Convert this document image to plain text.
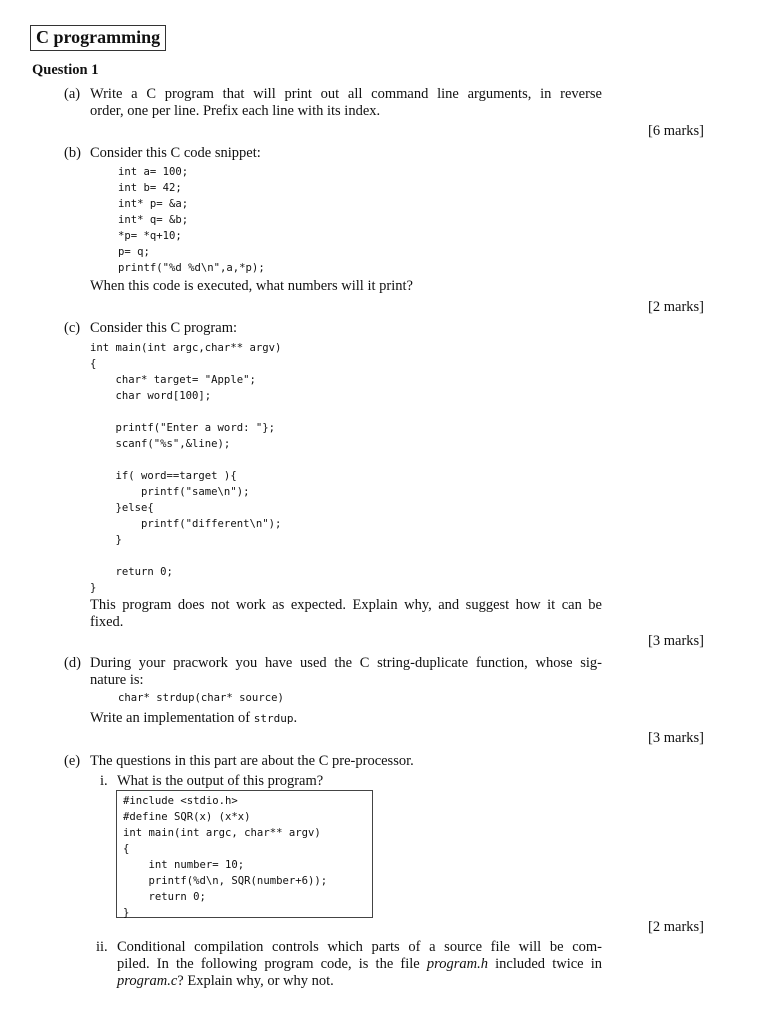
C programming
Question 1
(a) Write a C program that will print out all command line arguments, in reverse
order, one per line. Prefix each line with its index.
[6 marks]
(b) Consider this C code snippet:
int a= 100;
int b= 42;
int* p= &a;
int* q= &b;
*p= *q+10;
p= q;
printf("%d %d\n",a,*p);
When this code is executed, what numbers will it print?
[2 marks]
(c) Consider this C program:
int main(int argc,char** argv)
{
char* target= "Apple";
char word[100];

printf("Enter a word: "};
scanf("%s",&line);

if( word==target ){
printf("same\n");
}else{
printf("different\n");
}

return 0;
}
This program does not work as expected. Explain why, and suggest how it can be
fixed.
[3 marks]
(d) During your pracwork you have used the C string-duplicate function, whose sig-
nature is:
char* strdup(char* source)
Write an implementation of strdup.
[3 marks]
(e) The questions in this part are about the C pre-processor.
i. What is the output of this program?
#include <stdio.h>
#define SQR(x) (x*x)
int main(int argc, char** argv)
{
int number= 10;
printf(%d\n, SQR(number+6));
return 0;
}
[2 marks]
ii. Conditional compilation controls which parts of a source file will be com-
piled. In the following program code, is the file program.h included twice in
program.c? Explain why, or why not.
